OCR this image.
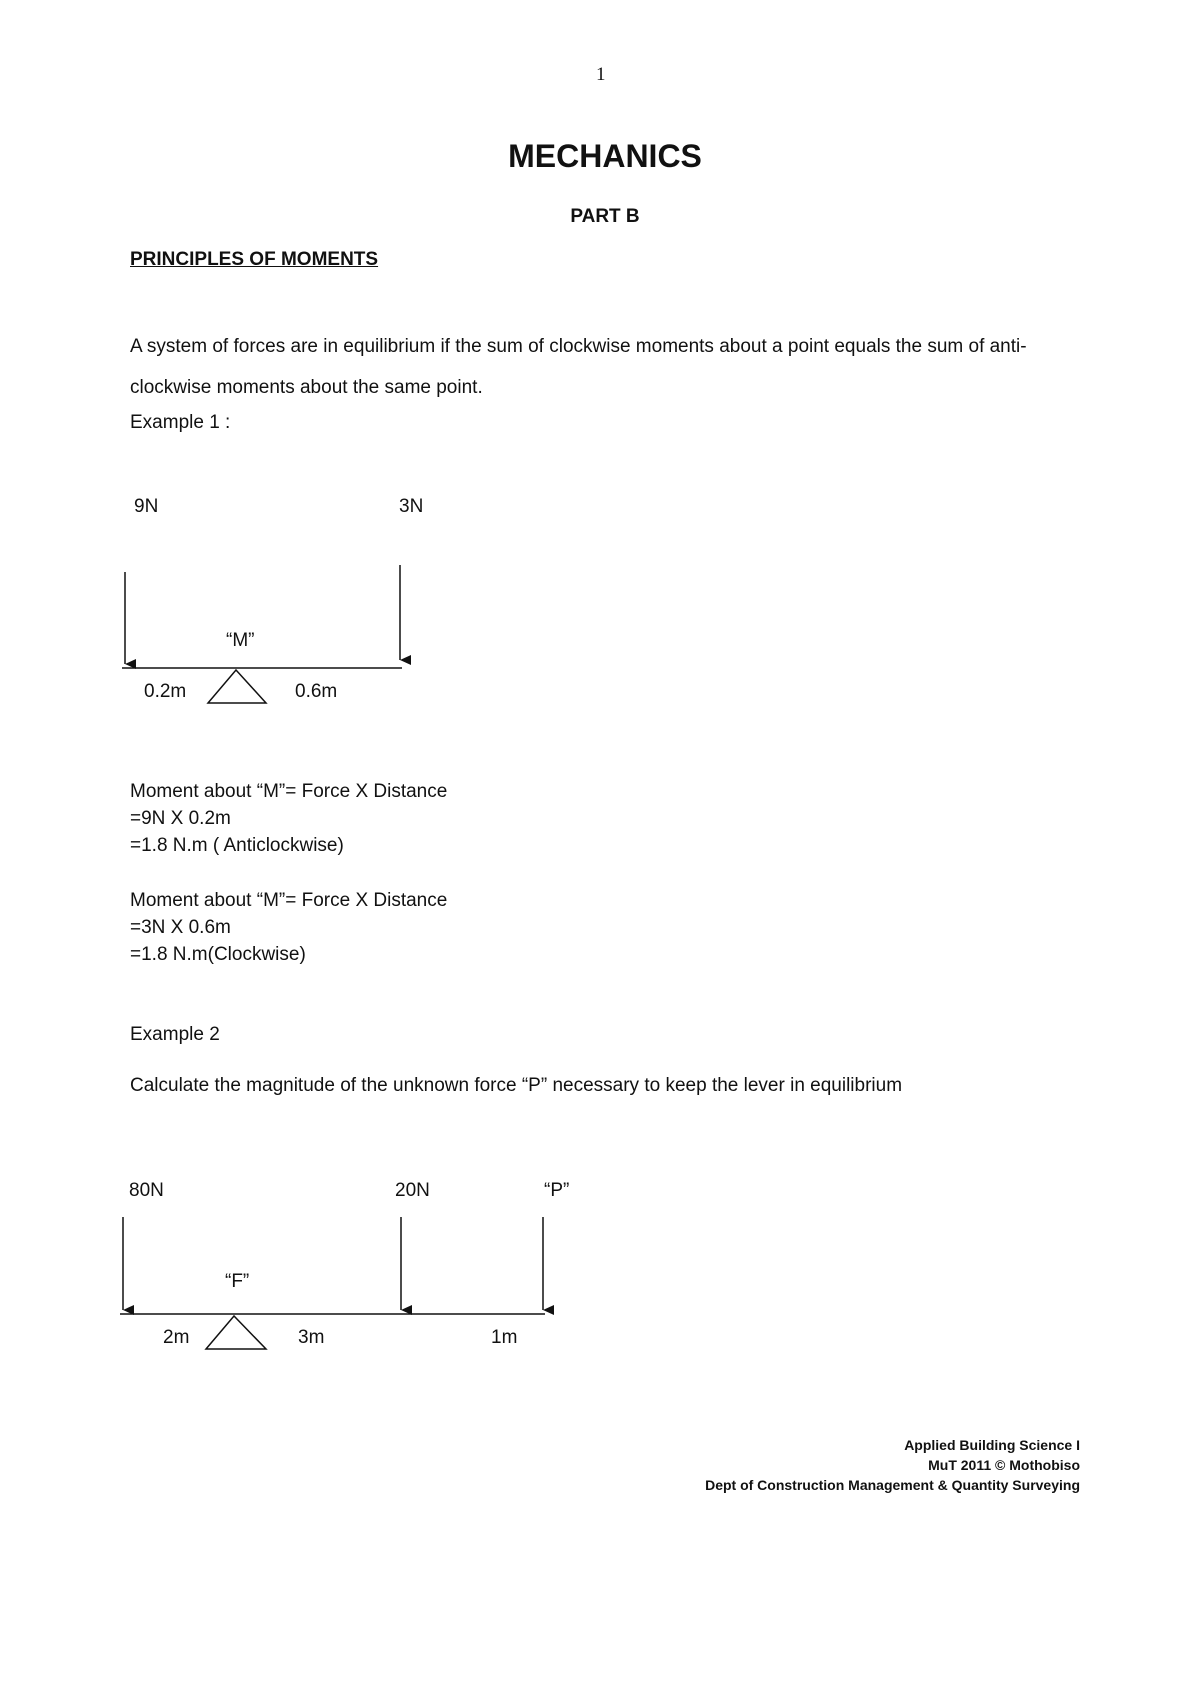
1
MECHANICS
PART B
PRINCIPLES OF MOMENTS
A system of forces are in equilibrium if the sum of clockwise moments about a point equals the sum of anti-clockwise moments about the same point.
Example 1 :
Moment about “M”= Force X Distance
=9N X 0.2m
=1.8 N.m ( Anticlockwise)
Moment about “M”= Force X Distance
=3N X 0.6m
=1.8 N.m(Clockwise)
Example 2
Calculate the magnitude of the unknown force “P” necessary to keep the lever in equilibrium
Applied Building Science I
MuT 2011 © Mothobiso
Dept of Construction Management & Quantity Surveying
9N	3N
“M”
0.2m	0.6m
80N	20N	“P”
“F”
2m	3m	1m
